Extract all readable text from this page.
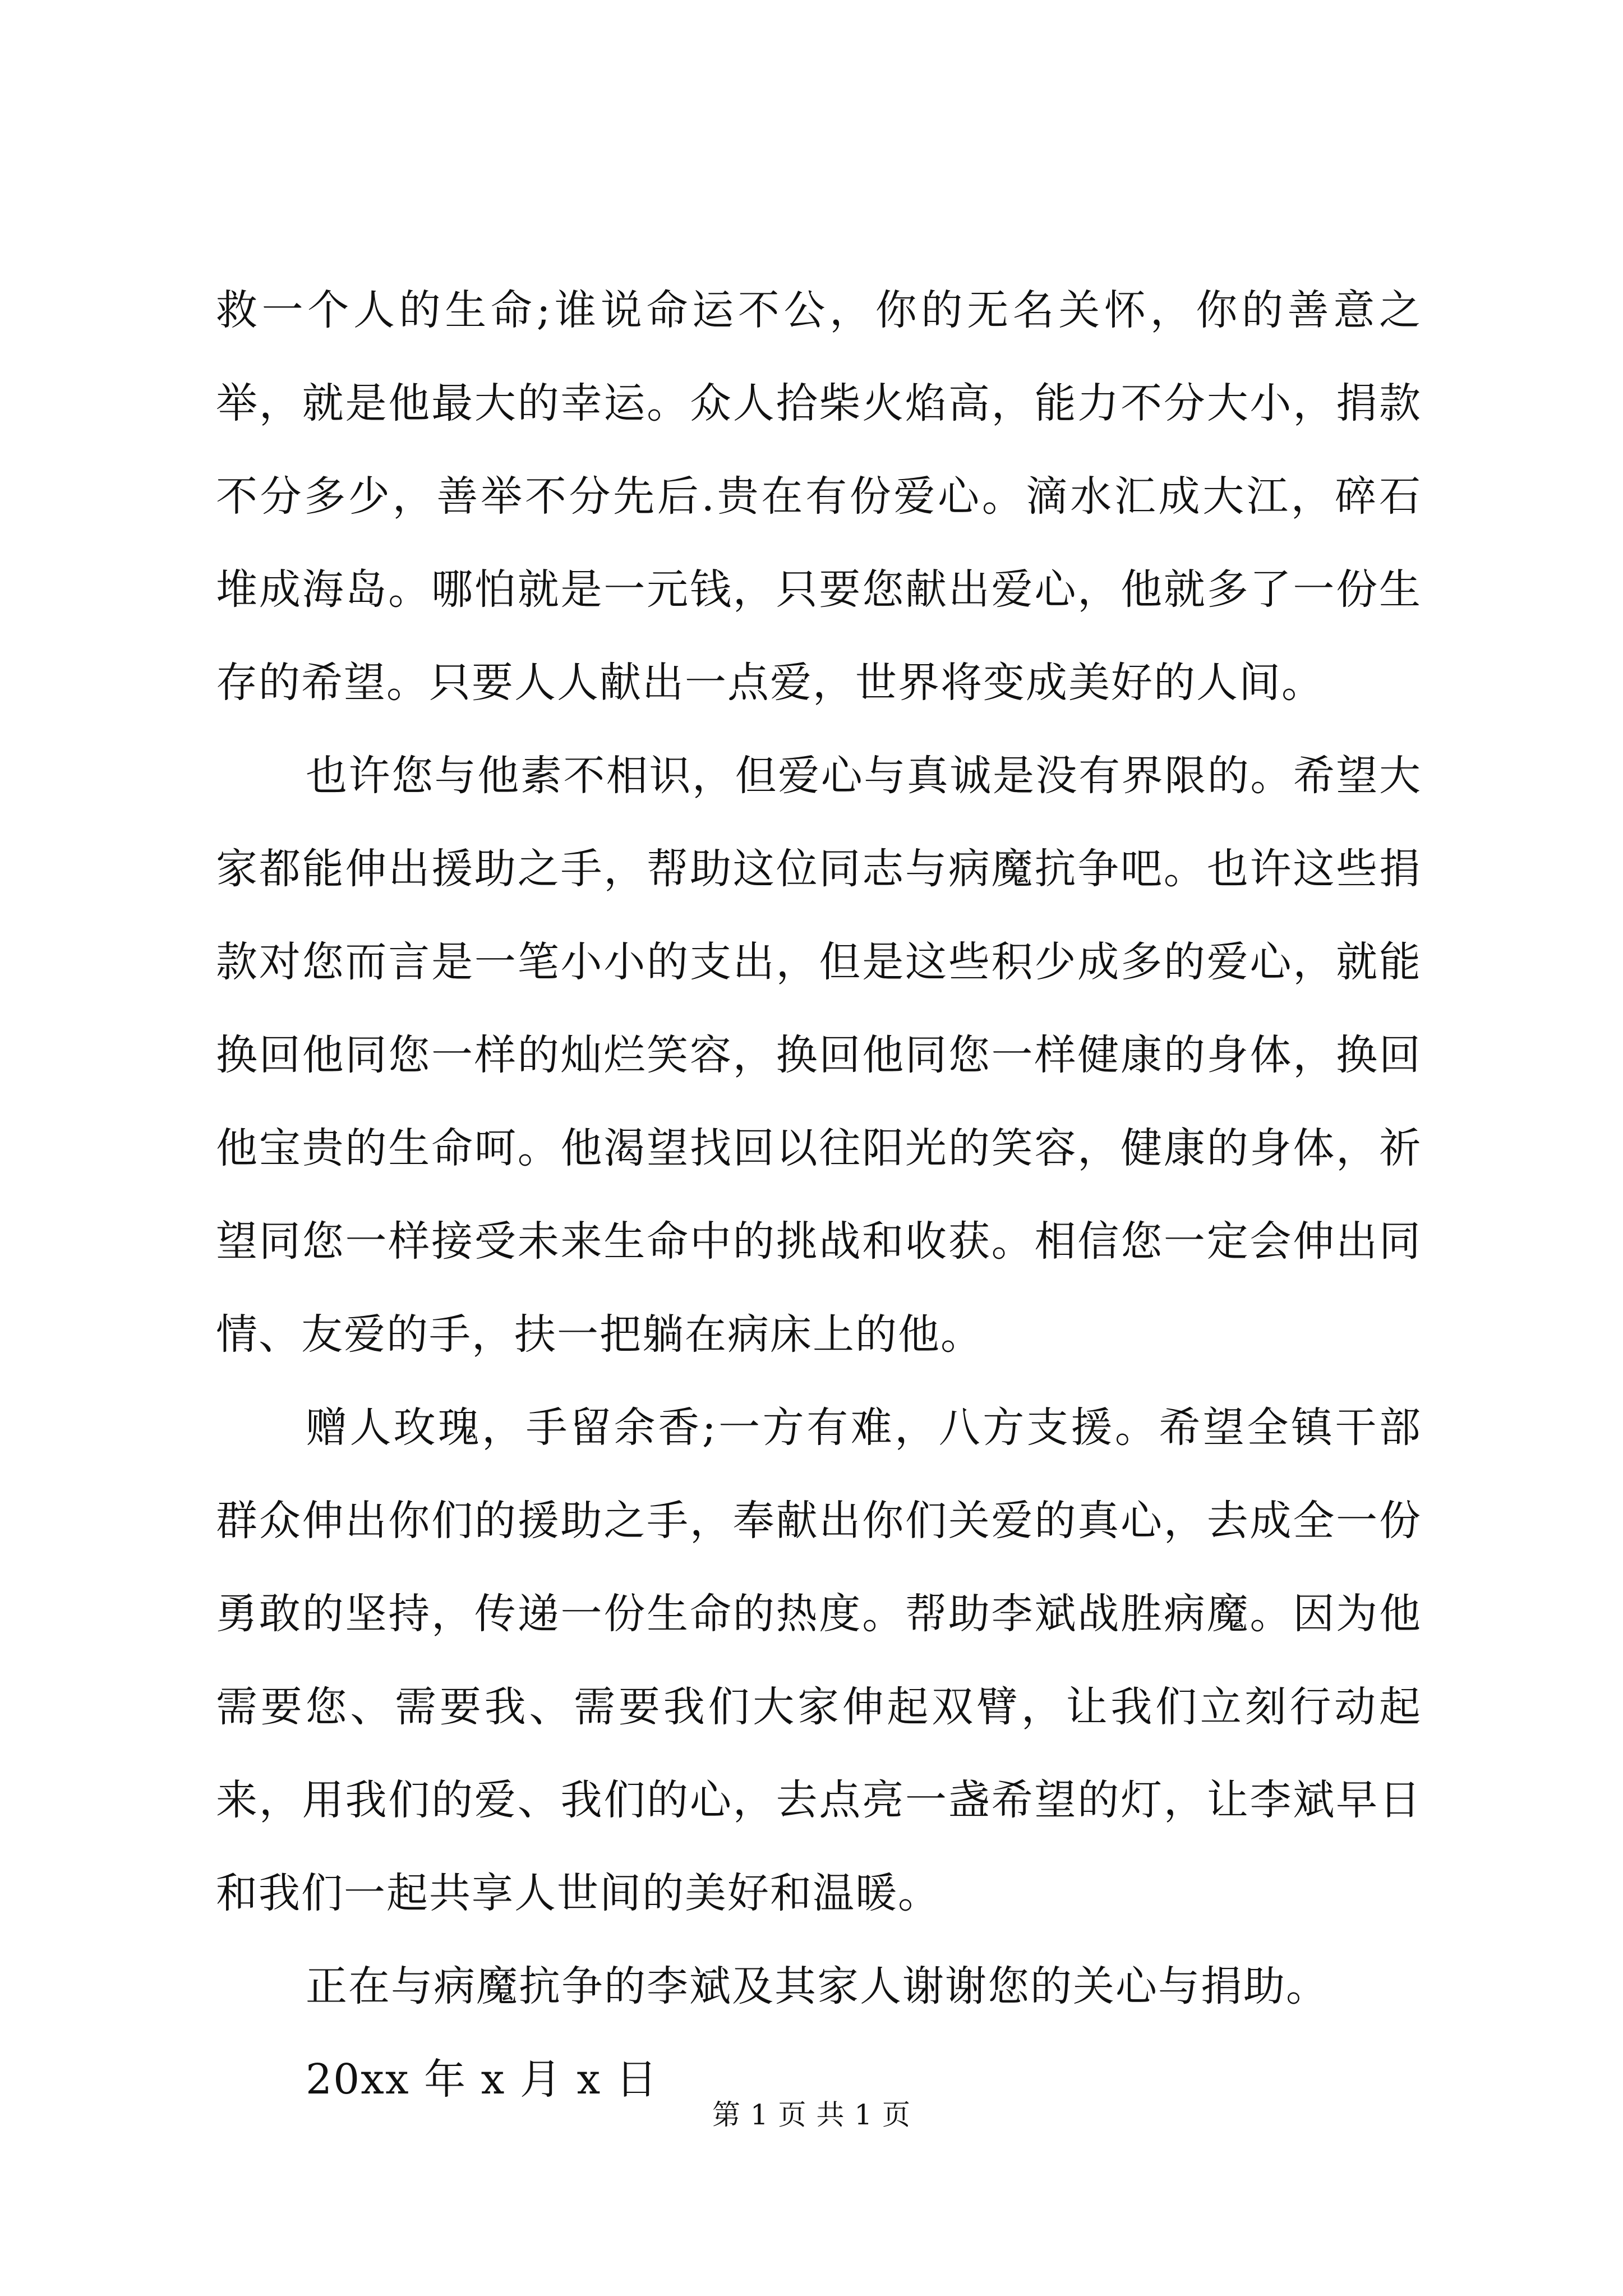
救一个人的生命;谁说命运不公，你的无名关怀，你的善意之举，就是他最大的幸运。众人拾柴火焰高，能力不分大小，捐款不分多少，善举不分先后.贵在有份爱心。滴水汇成大江，碎石堆成海岛。哪怕就是一元钱，只要您献出爱心，他就多了一份生存的希望。只要人人献出一点爱，世界将变成美好的人间。

也许您与他素不相识，但爱心与真诚是没有界限的。希望大家都能伸出援助之手，帮助这位同志与病魔抗争吧。也许这些捐款对您而言是一笔小小的支出，但是这些积少成多的爱心，就能换回他同您一样的灿烂笑容，换回他同您一样健康的身体，换回他宝贵的生命呵。他渴望找回以往阳光的笑容，健康的身体，祈望同您一样接受未来生命中的挑战和收获。相信您一定会伸出同情、友爱的手，扶一把躺在病床上的他。

赠人玫瑰，手留余香;一方有难，八方支援。希望全镇干部群众伸出你们的援助之手，奉献出你们关爱的真心，去成全一份勇敢的坚持，传递一份生命的热度。帮助李斌战胜病魔。因为他需要您、需要我、需要我们大家伸起双臂，让我们立刻行动起来，用我们的爱、我们的心，去点亮一盏希望的灯，让李斌早日和我们一起共享人世间的美好和温暖。

正在与病魔抗争的李斌及其家人谢谢您的关心与捐助。

20xx 年 x 月 x 日

第 1 页 共 1 页
